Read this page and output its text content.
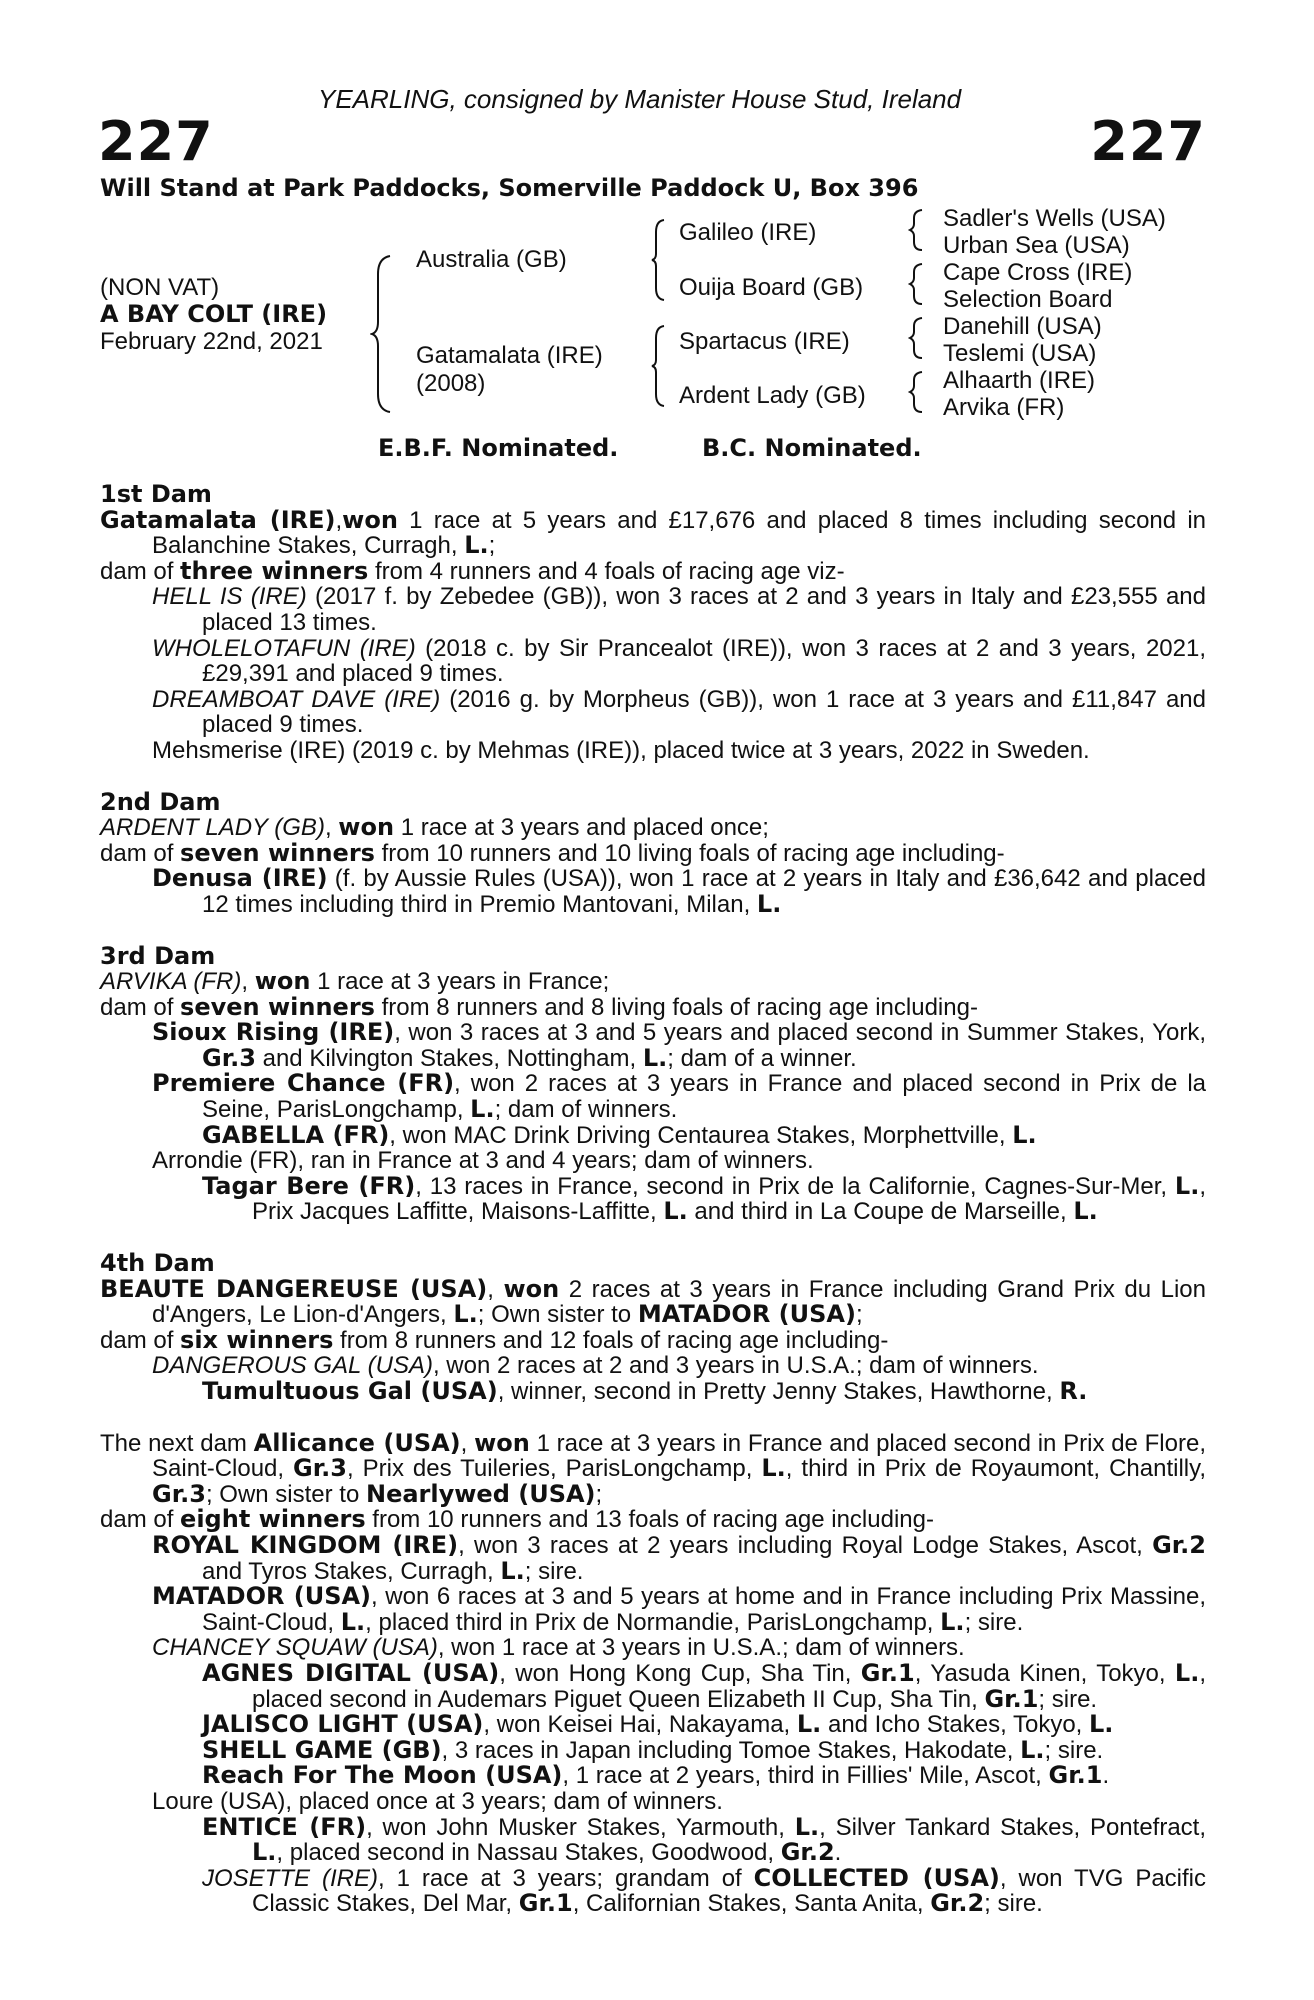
YEARLING, consigned by Manister House Stud, Ireland
227	227
Will Stand at Park Paddocks, Somerville Paddock U, Box 396
(NON VAT)
A BAY COLT (IRE)
February 22nd, 2021
Australia (GB)
Gatamalata (IRE)
(2008)
Galileo (IRE)
Ouija Board (GB)
Spartacus (IRE)
Ardent Lady (GB)
Sadler's Wells (USA)
Urban Sea (USA)
Cape Cross (IRE)
Selection Board
Danehill (USA)
Teslemi (USA)
Alhaarth (IRE)
Arvika (FR)
E.B.F. Nominated.	B.C. Nominated.
1st Dam
Gatamalata (IRE),won 1 race at 5 years and £17,676 and placed 8 times including second in Balanchine Stakes, Curragh, L.;
dam of three winners from 4 runners and 4 foals of racing age viz-
HELL IS (IRE) (2017 f. by Zebedee (GB)), won 3 races at 2 and 3 years in Italy and £23,555 and placed 13 times.
WHOLELOTAFUN (IRE) (2018 c. by Sir Prancealot (IRE)), won 3 races at 2 and 3 years, 2021, £29,391 and placed 9 times.
DREAMBOAT DAVE (IRE) (2016 g. by Morpheus (GB)), won 1 race at 3 years and £11,847 and placed 9 times.
Mehsmerise (IRE) (2019 c. by Mehmas (IRE)), placed twice at 3 years, 2022 in Sweden.
2nd Dam
ARDENT LADY (GB), won 1 race at 3 years and placed once;
dam of seven winners from 10 runners and 10 living foals of racing age including-
Denusa (IRE) (f. by Aussie Rules (USA)), won 1 race at 2 years in Italy and £36,642 and placed 12 times including third in Premio Mantovani, Milan, L.
3rd Dam
ARVIKA (FR), won 1 race at 3 years in France;
dam of seven winners from 8 runners and 8 living foals of racing age including-
Sioux Rising (IRE), won 3 races at 3 and 5 years and placed second in Summer Stakes, York, Gr.3 and Kilvington Stakes, Nottingham, L.; dam of a winner.
Premiere Chance (FR), won 2 races at 3 years in France and placed second in Prix de la Seine, ParisLongchamp, L.; dam of winners.
GABELLA (FR), won MAC Drink Driving Centaurea Stakes, Morphettville, L.
Arrondie (FR), ran in France at 3 and 4 years; dam of winners.
Tagar Bere (FR), 13 races in France, second in Prix de la Californie, Cagnes-Sur-Mer, L., Prix Jacques Laffitte, Maisons-Laffitte, L. and third in La Coupe de Marseille, L.
4th Dam
BEAUTE DANGEREUSE (USA), won 2 races at 3 years in France including Grand Prix du Lion d'Angers, Le Lion-d'Angers, L.; Own sister to MATADOR (USA);
dam of six winners from 8 runners and 12 foals of racing age including-
DANGEROUS GAL (USA), won 2 races at 2 and 3 years in U.S.A.; dam of winners.
Tumultuous Gal (USA), winner, second in Pretty Jenny Stakes, Hawthorne, R.
The next dam Allicance (USA), won 1 race at 3 years in France and placed second in Prix de Flore, Saint-Cloud, Gr.3, Prix des Tuileries, ParisLongchamp, L., third in Prix de Royaumont, Chantilly, Gr.3; Own sister to Nearlywed (USA);
dam of eight winners from 10 runners and 13 foals of racing age including-
ROYAL KINGDOM (IRE), won 3 races at 2 years including Royal Lodge Stakes, Ascot, Gr.2 and Tyros Stakes, Curragh, L.; sire.
MATADOR (USA), won 6 races at 3 and 5 years at home and in France including Prix Massine, Saint-Cloud, L., placed third in Prix de Normandie, ParisLongchamp, L.; sire.
CHANCEY SQUAW (USA), won 1 race at 3 years in U.S.A.; dam of winners.
AGNES DIGITAL (USA), won Hong Kong Cup, Sha Tin, Gr.1, Yasuda Kinen, Tokyo, L., placed second in Audemars Piguet Queen Elizabeth II Cup, Sha Tin, Gr.1; sire.
JALISCO LIGHT (USA), won Keisei Hai, Nakayama, L. and Icho Stakes, Tokyo, L.
SHELL GAME (GB), 3 races in Japan including Tomoe Stakes, Hakodate, L.; sire.
Reach For The Moon (USA), 1 race at 2 years, third in Fillies' Mile, Ascot, Gr.1.
Loure (USA), placed once at 3 years; dam of winners.
ENTICE (FR), won John Musker Stakes, Yarmouth, L., Silver Tankard Stakes, Pontefract, L., placed second in Nassau Stakes, Goodwood, Gr.2.
JOSETTE (IRE), 1 race at 3 years; grandam of COLLECTED (USA), won TVG Pacific Classic Stakes, Del Mar, Gr.1, Californian Stakes, Santa Anita, Gr.2; sire.
